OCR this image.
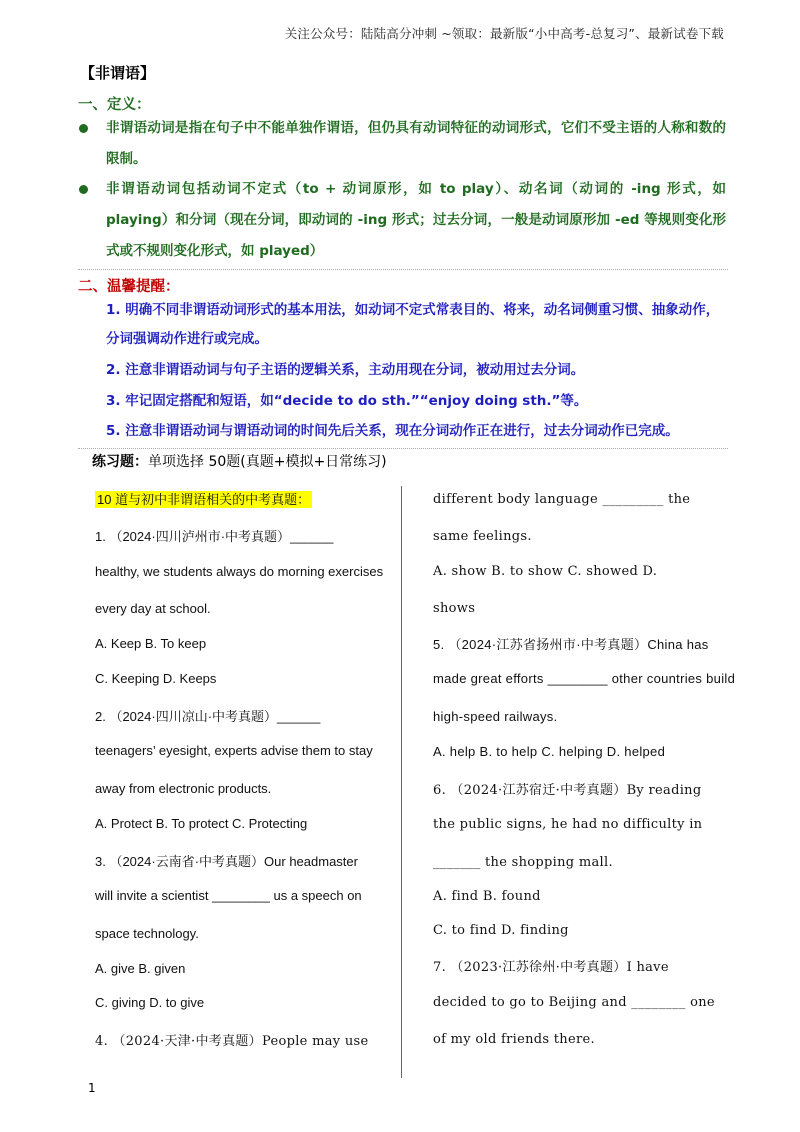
关注公众号：陆陆高分冲刺 ~领取：最新版“小中高考-总复习”、最新试卷下载
【非谓语】
一、定义：
非谓语动词是指在句子中不能单独作谓语，但仍具有动词特征的动词形式，它们不受主语的人称和数的限制。
非谓语动词包括动词不定式（to + 动词原形，如 to play）、动名词（动词的 -ing 形式，如 playing）和分词（现在分词，即动词的 -ing 形式；过去分词，一般是动词原形加 -ed 等规则变化形式或不规则变化形式，如 played）
二、温馨提醒：
1. 明确不同非谓语动词形式的基本用法，如动词不定式常表目的、将来，动名词侧重习惯、抽象动作，分词强调动作进行或完成。
2. 注意非谓语动词与句子主语的逻辑关系，主动用现在分词，被动用过去分词。
3. 牢记固定搭配和短语，如“decide to do sth.”“enjoy doing sth.”等。
5. 注意非谓语动词与谓语动词的时间先后关系，现在分词动作正在进行，过去分词动作已完成。
练习题：单项选择 50题(真题+模拟+日常练习)
10 道与初中非谓语相关的中考真题：
1. （2024·四川泸州市·中考真题）______
healthy, we students always do morning exercises
every day at school.
A. Keep B. To keep
C. Keeping D. Keeps
2. （2024·四川凉山·中考真题）______
teenagers’ eyesight, experts advise them to stay
away from electronic products.
A. Protect B. To protect C. Protecting
3. （2024·云南省·中考真题）Our headmaster
will invite a scientist ________ us a speech on
space technology.
A. give B. given
C. giving D. to give
4. （2024·天津·中考真题）People may use
different body language _________ the
same feelings.
A. show B. to show C. showed D.
shows
5. （2024·江苏省扬州市·中考真题）China has
made great efforts ________ other countries build
high-speed railways.
A. help B. to help C. helping D. helped
6. （2024·江苏宿迁·中考真题）By reading
the public signs, he had no difficulty in
_______ the shopping mall.
A. find B. found
C. to find D. finding
7. （2023·江苏徐州·中考真题）I have
decided to go to Beijing and ________ one
of my old friends there.
1
